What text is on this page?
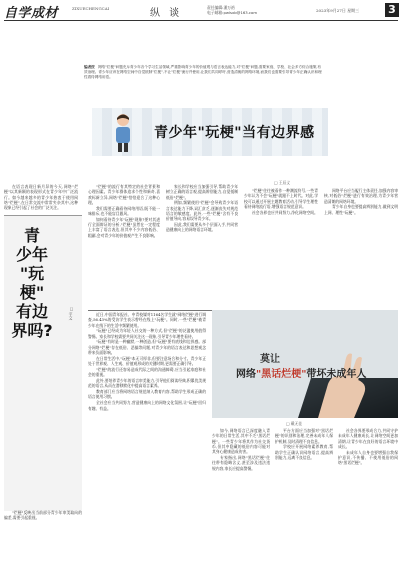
自学成材	ZIXUECHENGCAI	纵 谈
责任编辑:潘万裕
电子邮箱:pwlsxb@163.com	2023年9月27日 星期三	3
编者按 网络"烂梗"问题充斥青少年各个学习生活领域,严重影响青少年的价值观与语言表达能力,对"烂梗"问题,需要家庭、学校、社会多方综合施策,有效治理。青少年应该在网络空间中自觉抵制"烂梗",不让"烂梗"流行并使用,让我们共同呼吁,营造清朗的网络环境,而我们也需要引导青少年正确认识和理性看待网络用语。
青少年"玩梗"当有边界感
□ 王辰义

在语言表现日新月异的今天,网络"烂梗"以其新颖的表现形式在青少年中广泛流行。如今越来越多的青少年热衷于使用网络"烂梗",在日常交流中常常夹杂其中,这种现象已经引起了社会的广泛关注。

"烂梗"的流行有其特定的社会背景和心理因素。青少年群体追求个性和新奇,喜欢标新立异,网络"烂梗"恰恰迎合了这种心理。

我们需要正确看待网络用语,既不能一味排斥,也不能盲目跟风。

如何看待青少年"玩梗"现象?要对其进行全面辩证的分析,"烂梗"虽然在一定程度上丰富了语言表达,但其中不少内容低俗、粗鄙,会对青少年的价值观产生不良影响。

家长和学校应当加强引导,帮助青少年树立正确的语言观,提高辨别能力,自觉抵制低俗"烂梗"。

例如,频繁使用"烂梗"会导致青少年语言表达能力下降,词汇贫乏,逐渐丧失对规范语言的敏感度。此外,一些"烂梗"含有不良价值导向,容易误导青少年。

因此,我们需要从多个层面入手,共同营造健康向上的网络语言环境。

"烂梗"往往被看作一种潮流符号,一些青少年认为不会"玩梗"就跟不上时代。对此,学校可以通过开展主题教育活动,引导学生理性看待网络流行语,增强语言规范意识。

社会各界也应共同努力,净化网络空间。

网络平台应当履行主体责任,加强内容审核,对低俗"烂梗"进行有效治理,为青少年营造清朗的网络环境。

青少年自身也要提高辨别能力,做到文明上网、理性"玩梗"。

青
少年
"玩梗"
有边
界吗?
□ 宇文

"烂梗"反映出当前部分青少年审美取向的偏差,需要引起重视。

近日,中国青年报社、中青校媒对1164名学生就"网络烂梗"进行调查,56.43%的受访学生表示曾经在线上"玩梗"。同时,一些"烂梗"被青少年在线下的生活中频繁使用。

"玩梗"已经成为年轻人社交的一种方式,但"烂梗"的泛滥使用值得警惕。家长和学校需要共同关注这一现象,引导青少年理性看待。

"玩梗"有时是一种幽默,一种创造,但"玩梗"要有底线和边界感。部分网络"烂梗"存在低俗、恶搞等问题,对青少年的语言表达和思想观念带来负面影响。

在日常生活中,"玩梗"本无可厚非,但要注意场合和分寸。青少年正处于世界观、人生观、价值观形成的关键时期,更需要正确引导。

"烂梗"的流行还容易造成代际之间的沟通障碍,应当引起家庭和社会的重视。

此外,要培养青少年的语言审美能力,引导他们阅读经典,积累优美规范的语言,从而在潜移默化中提高语言素养。

教育部门应当将网络语言规范纳入教育内容,帮助学生形成正确的语言使用习惯。

全社会应当共同努力,营造健康向上的网络文化氛围,让"玩梗"回归有趣、有益。

莫让
网络"黑话烂梗"带坏未成年人
□ 戴无佳

如今,网络语言已深度融入青少年的日常生活,其中不乏"黑话烂梗"。一些青少年将其作为社交货币,但其中隐藏的低俗内容可能对其身心健康造成伤害。

专家指出,网络"黑话烂梗"往往带有隐晦含义,甚至涉及违法违规内容,家长应提高警惕。

平台方面应当加强对"黑话烂梗"的识别和治理,完善未成年人保护机制,及时清理不良信息。

学校应开展网络素养教育,帮助学生正确认识网络语言,提高辨别能力,远离不良信息。

社会各界要形成合力,共同守护未成年人健康成长,让网络空间更加清朗,让青少年在良好的语言环境中成长。

未成年人自身也要增强自我保护意识,不传播、不使用低俗的网络"黑话烂梗"。
